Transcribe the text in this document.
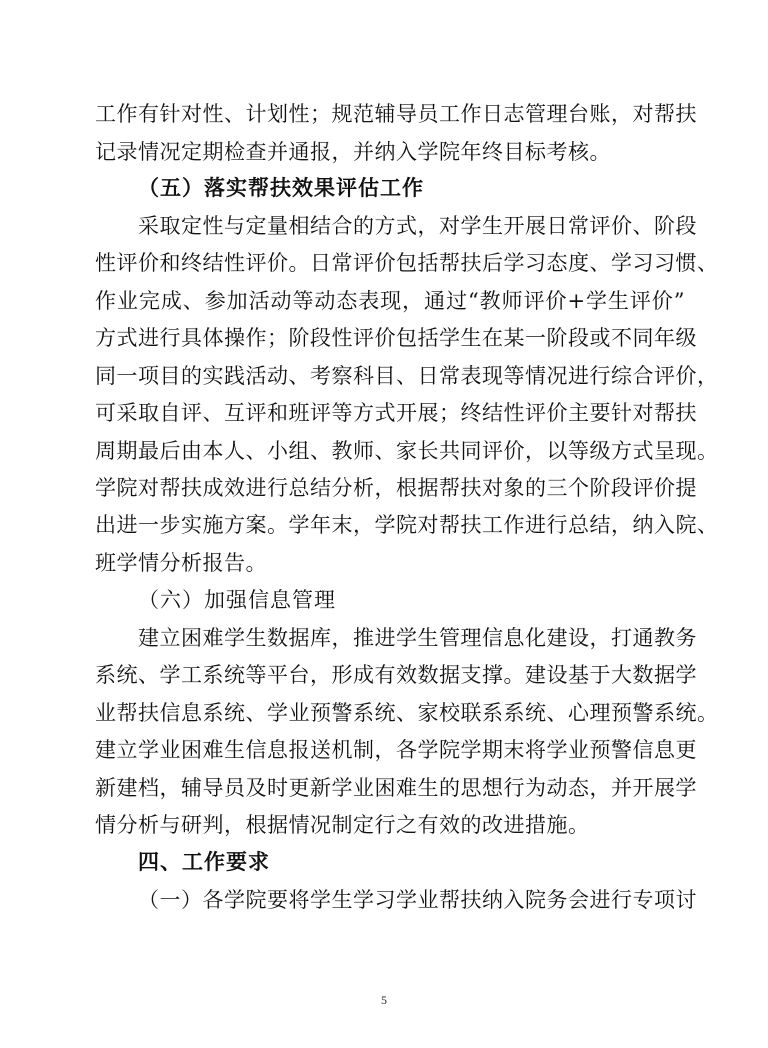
工作有针对性、计划性；规范辅导员工作日志管理台账，对帮扶
记录情况定期检查并通报，并纳入学院年终目标考核。
（五）落实帮扶效果评估工作
采取定性与定量相结合的方式，对学生开展日常评价、阶段
性评价和终结性评价。日常评价包括帮扶后学习态度、学习习惯、
作业完成、参加活动等动态表现，通过“教师评价+学生评价”
方式进行具体操作；阶段性评价包括学生在某一阶段或不同年级
同一项目的实践活动、考察科目、日常表现等情况进行综合评价，
可采取自评、互评和班评等方式开展；终结性评价主要针对帮扶
周期最后由本人、小组、教师、家长共同评价，以等级方式呈现。
学院对帮扶成效进行总结分析，根据帮扶对象的三个阶段评价提
出进一步实施方案。学年末，学院对帮扶工作进行总结，纳入院、
班学情分析报告。
（六）加强信息管理
建立困难学生数据库，推进学生管理信息化建设，打通教务
系统、学工系统等平台，形成有效数据支撑。建设基于大数据学
业帮扶信息系统、学业预警系统、家校联系系统、心理预警系统。
建立学业困难生信息报送机制，各学院学期末将学业预警信息更
新建档，辅导员及时更新学业困难生的思想行为动态，并开展学
情分析与研判，根据情况制定行之有效的改进措施。
四、工作要求
（一）各学院要将学生学习学业帮扶纳入院务会进行专项讨
5
